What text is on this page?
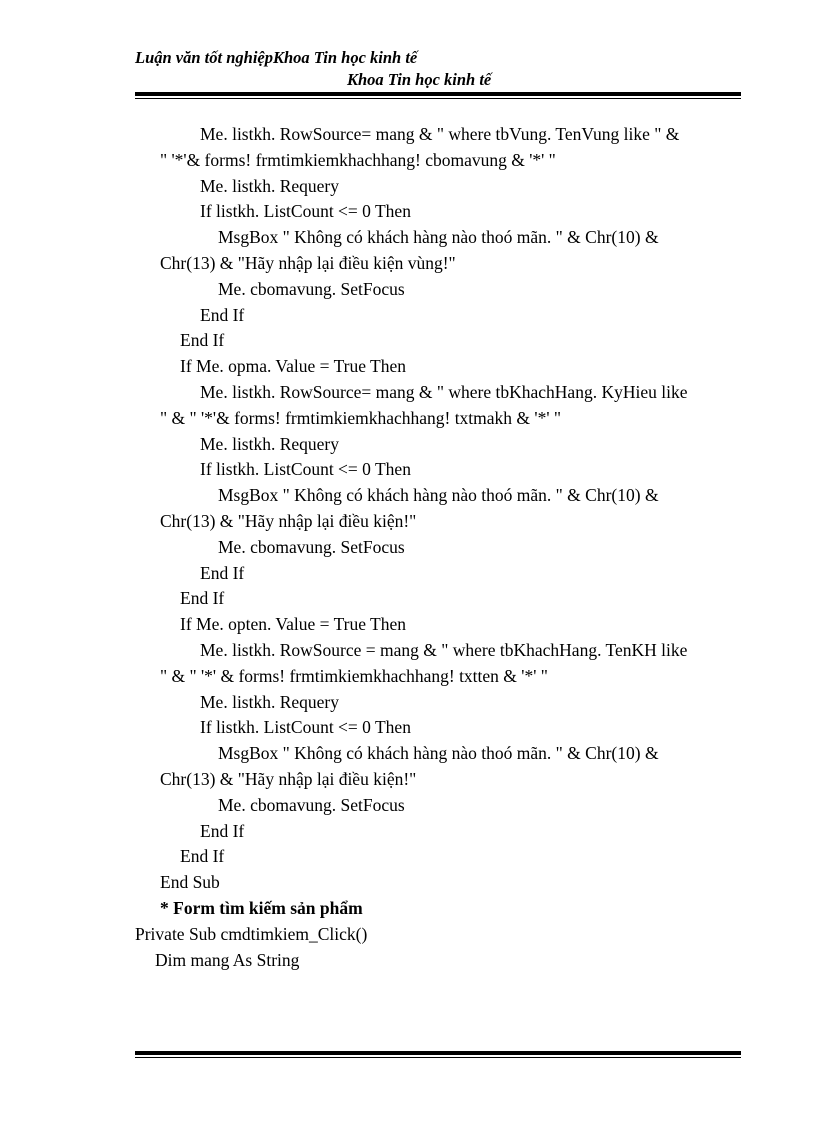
Luận văn tốt nghiệpKhoa Tin học kinh tế
Khoa Tin học kinh tế
Me. listkh. RowSource= mang & " where tbVung. TenVung like " &
" '*'& forms! frmtimkiemkhachhang! cbomavung & '*' "
Me. listkh. Requery
If listkh. ListCount <= 0 Then
MsgBox " Không có khách hàng nào thoó mãn. " & Chr(10) &
Chr(13) & "Hãy nhập lại điều kiện vùng!"
Me. cbomavung. SetFocus
End If
End If
If Me. opma. Value = True Then
Me. listkh. RowSource= mang & " where tbKhachHang. KyHieu like
" & " '*'& forms! frmtimkiemkhachhang! txtmakh & '*' "
Me. listkh. Requery
If listkh. ListCount <= 0 Then
MsgBox " Không có khách hàng nào thoó mãn. " & Chr(10) &
Chr(13) & "Hãy nhập lại điều kiện!"
Me. cbomavung. SetFocus
End If
End If
If Me. opten. Value = True Then
Me. listkh. RowSource = mang & " where tbKhachHang. TenKH like
" & " '*' & forms! frmtimkiemkhachhang! txtten & '*' "
Me. listkh. Requery
If listkh. ListCount <= 0 Then
MsgBox " Không có khách hàng nào thoó mãn. " & Chr(10) &
Chr(13) & "Hãy nhập lại điều kiện!"
Me. cbomavung. SetFocus
End If
End If
End Sub
* Form tìm kiếm sản phẩm
Private Sub cmdtimkiem_Click()
Dim mang As String
